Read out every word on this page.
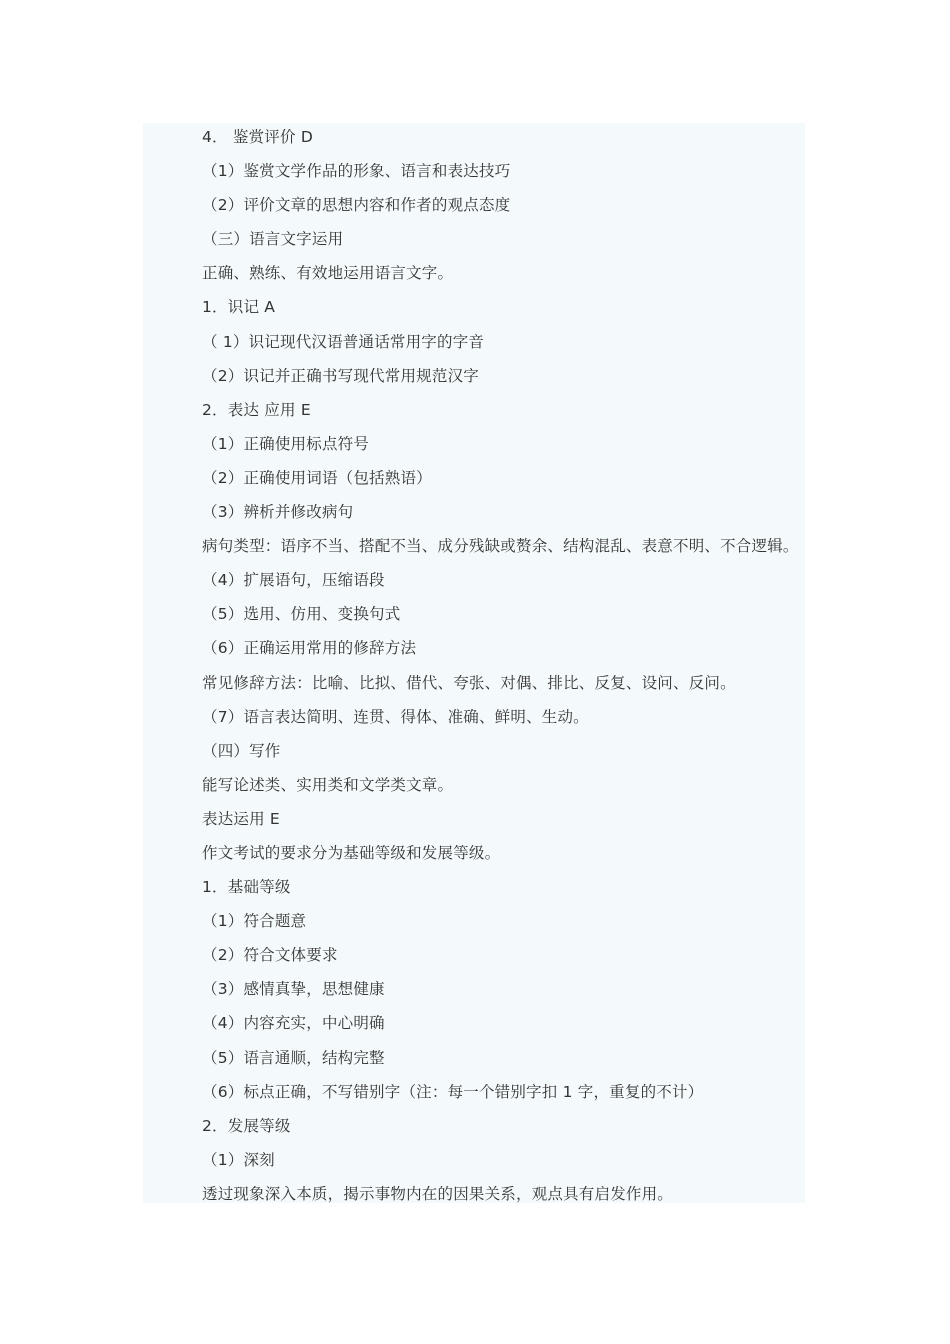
4． 鉴赏评价 D
（1）鉴赏文学作品的形象、语言和表达技巧
（2）评价文章的思想内容和作者的观点态度
（三）语言文字运用
正确、熟练、有效地运用语言文字。
1．识记 A
（ 1）识记现代汉语普通话常用字的字音
（2）识记并正确书写现代常用规范汉字
2．表达 应用 E
（1）正确使用标点符号
（2）正确使用词语（包括熟语）
（3）辨析并修改病句
病句类型：语序不当、搭配不当、成分残缺或赘余、结构混乱、表意不明、不合逻辑。
（4）扩展语句，压缩语段
（5）选用、仿用、变换句式
（6）正确运用常用的修辞方法
常见修辞方法：比喻、比拟、借代、夸张、对偶、排比、反复、设问、反问。
（7）语言表达简明、连贯、得体、准确、鲜明、生动。
（四）写作
能写论述类、实用类和文学类文章。
表达运用 E
作文考试的要求分为基础等级和发展等级。
1．基础等级
（1）符合题意
（2）符合文体要求
（3）感情真挚，思想健康
（4）内容充实，中心明确
（5）语言通顺，结构完整
（6）标点正确，不写错别字（注：每一个错别字扣 1 字，重复的不计）
2．发展等级
（1）深刻
透过现象深入本质，揭示事物内在的因果关系，观点具有启发作用。
